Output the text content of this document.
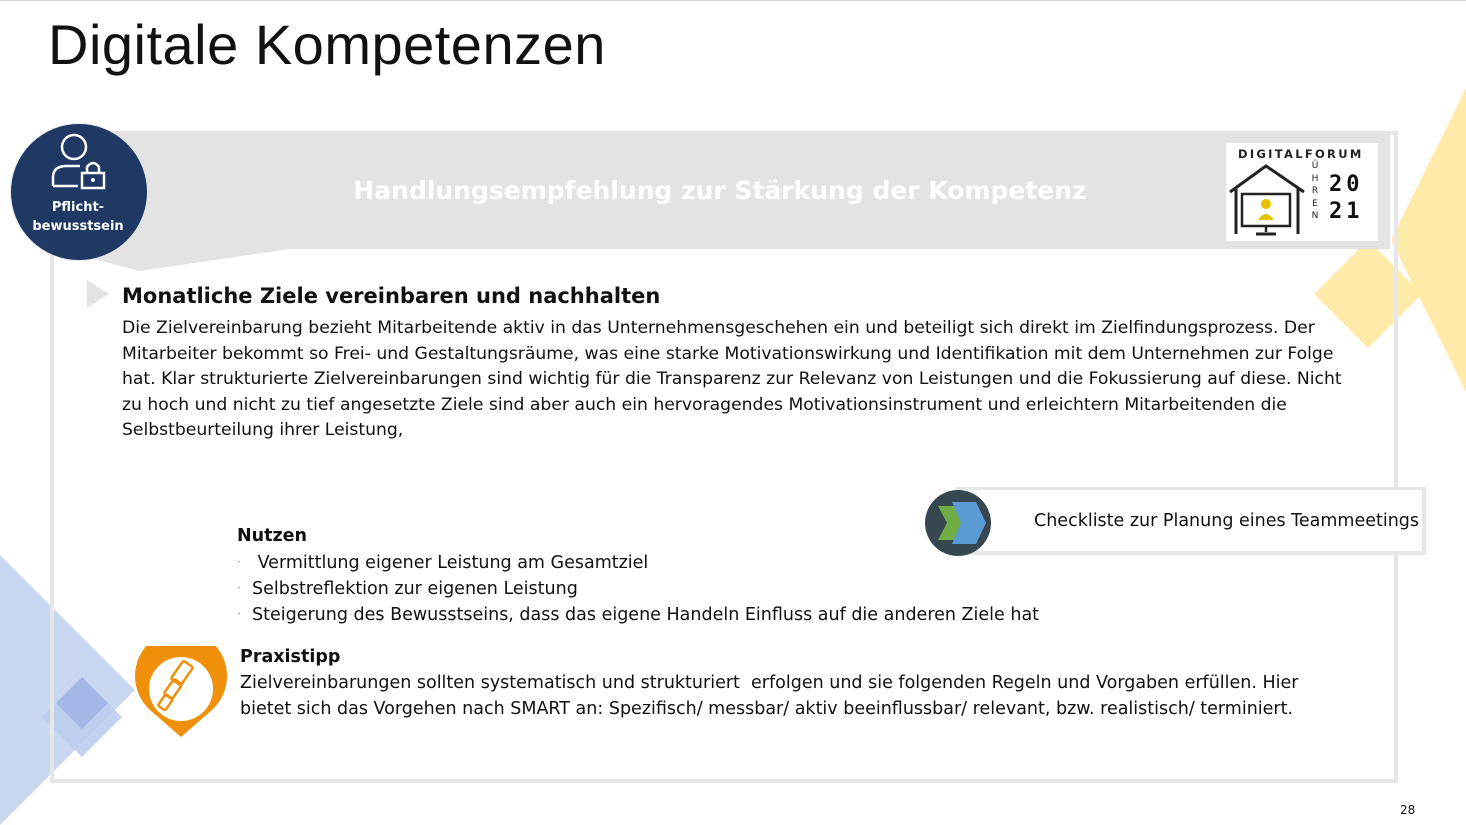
Digitale Kompetenzen
Handlungsempfehlung zur Stärkung der Kompetenz
Pflicht-
bewusstsein
DIGITALFORUM
Ü
H
R
E
N
20
21
Monatliche Ziele vereinbaren und nachhalten
Die Zielvereinbarung bezieht Mitarbeitende aktiv in das Unternehmensgeschehen ein und beteiligt sich direkt im Zielfindungsprozess. Der Mitarbeiter bekommt so Frei- und Gestaltungsräume, was eine starke Motivationswirkung und Identifikation mit dem Unternehmen zur Folge hat. Klar strukturierte Zielvereinbarungen sind wichtig für die Transparenz zur Relevanz von Leistungen und die Fokussierung auf diese. Nicht zu hoch und nicht zu tief angesetzte Ziele sind aber auch ein hervoragendes Motivationsinstrument und erleichtern Mitarbeitenden die Selbstbeurteilung ihrer Leistung,
Checkliste zur Planung eines Teammeetings
Nutzen
·  Vermittlung eigener Leistung am Gesamtziel
· Selbstreflektion zur eigenen Leistung
· Steigerung des Bewusstseins, dass das eigene Handeln Einfluss auf die anderen Ziele hat
Praxistipp
Zielvereinbarungen sollten systematisch und strukturiert  erfolgen und sie folgenden Regeln und Vorgaben erfüllen. Hier bietet sich das Vorgehen nach SMART an: Spezifisch/ messbar/ aktiv beeinflussbar/ relevant, bzw. realistisch/ terminiert.
28
